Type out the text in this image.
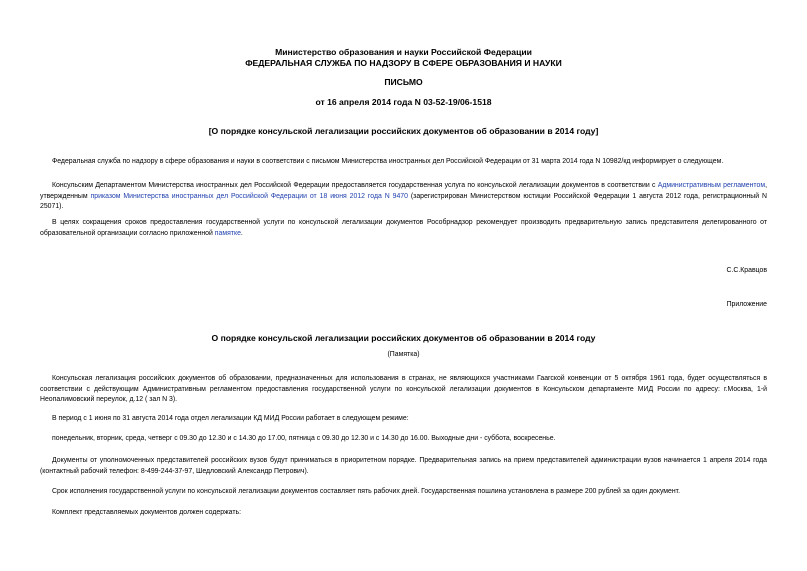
Министерство образования и науки Российской Федерации
ФЕДЕРАЛЬНАЯ СЛУЖБА ПО НАДЗОРУ В СФЕРЕ ОБРАЗОВАНИЯ И НАУКИ
ПИСЬМО
от 16 апреля 2014 года N 03-52-19/06-1518
[О порядке консульской легализации российских документов об образовании в 2014 году]
Федеральная служба по надзору в сфере образования и науки в соответствии с письмом Министерства иностранных дел Российской Федерации от 31 марта 2014 года N 10982/кд информирует о следующем.
Консульским Департаментом Министерства иностранных дел Российской Федерации предоставляется государственная услуга по консульской легализации документов в соответствии с Административным регламентом, утвержденным приказом Министерства иностранных дел Российской Федерации от 18 июня 2012 года N 9470 (зарегистрирован Министерством юстиции Российской Федерации 1 августа 2012 года, регистрационный N 25071).
В целях сокращения сроков предоставления государственной услуги по консульской легализации документов Рособрнадзор рекомендует производить предварительную запись представителя делегированного от образовательной организации согласно приложенной памятке.
С.С.Кравцов
Приложение
О порядке консульской легализации российских документов об образовании в 2014 году
(Памятка)
Консульская легализация российских документов об образовании, предназначенных для использования в странах, не являющихся участниками Гаагской конвенции от 5 октября 1961 года, будет осуществляться в соответствии с действующим Административным регламентом предоставления государственной услуги по консульской легализации документов в Консульском департаменте МИД России по адресу: г.Москва, 1-й Неопалимовский переулок, д.12 ( зал N 3).
В период с 1 июня по 31 августа 2014 года отдел легализации КД МИД России работает в следующем режиме:
понедельник, вторник, среда, четверг с 09.30 до 12.30 и с 14.30 до 17.00, пятница с 09.30 до 12.30 и с 14.30 до 16.00. Выходные дни - суббота, воскресенье.
Документы от уполномоченных представителей российских вузов будут приниматься в приоритетном порядке. Предварительная запись на прием представителей администрации вузов начинается 1 апреля 2014 года (контактный рабочий телефон: 8-499-244-37-97, Шедловский Александр Петрович).
Срок исполнения государственной услуги по консульской легализации документов составляет пять рабочих дней. Государственная пошлина установлена в размере 200 рублей за один документ.
Комплект представляемых документов должен содержать:
